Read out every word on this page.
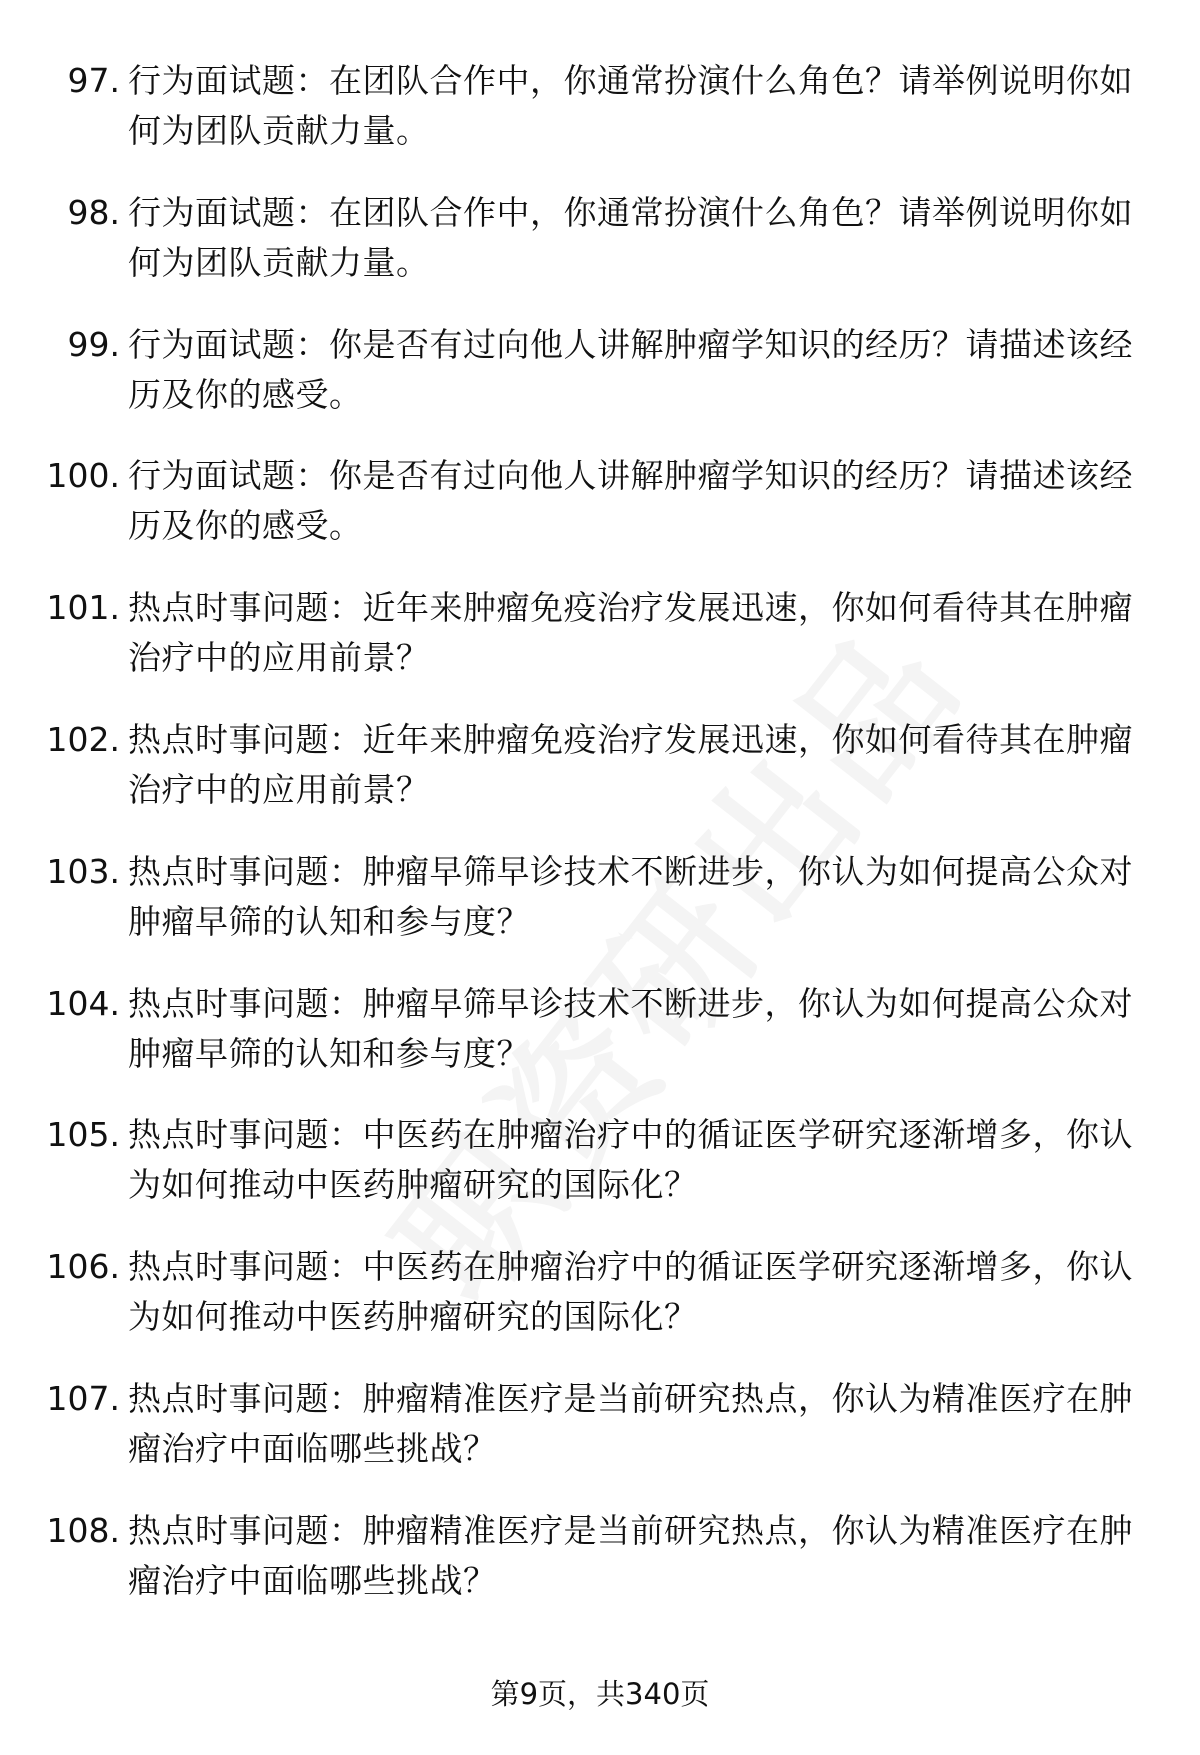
97. 行为面试题：在团队合作中，你通常扮演什么角色？请举例说明你如何为团队贡献力量。
98. 行为面试题：在团队合作中，你通常扮演什么角色？请举例说明你如何为团队贡献力量。
99. 行为面试题：你是否有过向他人讲解肿瘤学知识的经历？请描述该经历及你的感受。
100. 行为面试题：你是否有过向他人讲解肿瘤学知识的经历？请描述该经历及你的感受。
101. 热点时事问题：近年来肿瘤免疫治疗发展迅速，你如何看待其在肿瘤治疗中的应用前景？
102. 热点时事问题：近年来肿瘤免疫治疗发展迅速，你如何看待其在肿瘤治疗中的应用前景？
103. 热点时事问题：肿瘤早筛早诊技术不断进步，你认为如何提高公众对肿瘤早筛的认知和参与度？
104. 热点时事问题：肿瘤早筛早诊技术不断进步，你认为如何提高公众对肿瘤早筛的认知和参与度？
105. 热点时事问题：中医药在肿瘤治疗中的循证医学研究逐渐增多，你认为如何推动中医药肿瘤研究的国际化？
106. 热点时事问题：中医药在肿瘤治疗中的循证医学研究逐渐增多，你认为如何推动中医药肿瘤研究的国际化？
107. 热点时事问题：肿瘤精准医疗是当前研究热点，你认为精准医疗在肿瘤治疗中面临哪些挑战？
108. 热点时事问题：肿瘤精准医疗是当前研究热点，你认为精准医疗在肿瘤治疗中面临哪些挑战？
第9页，共340页
